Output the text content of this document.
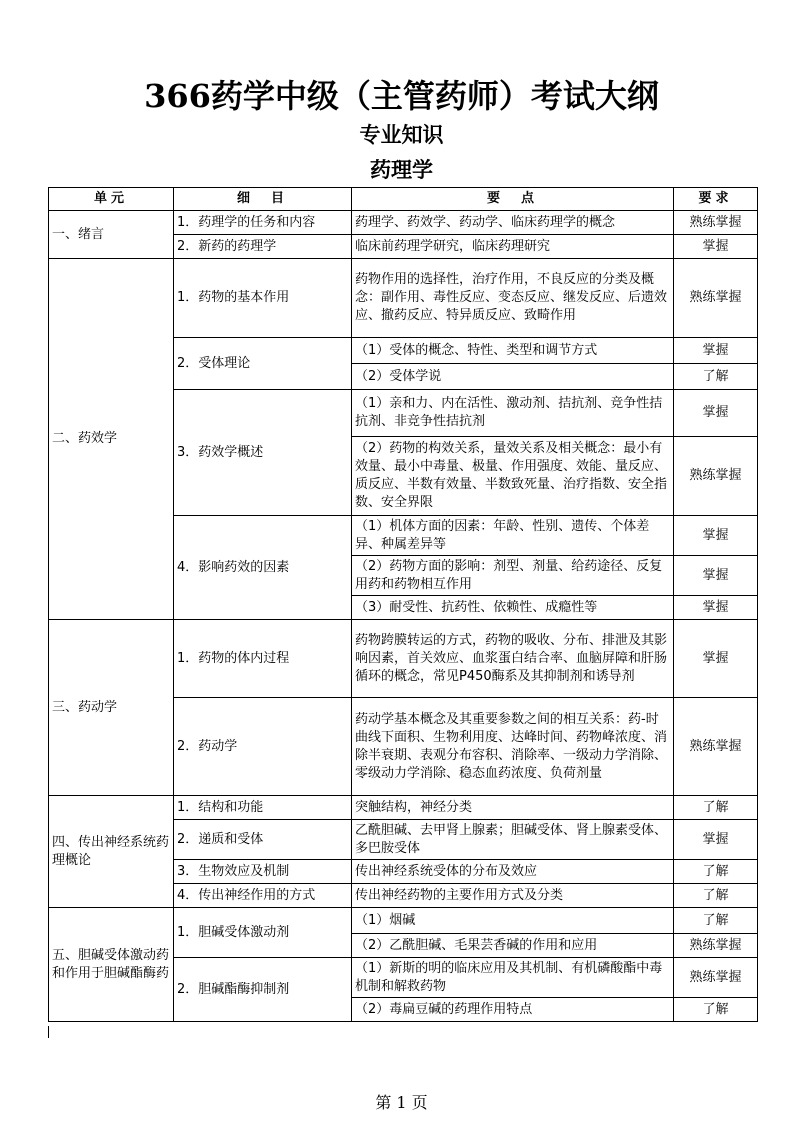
366药学中级（主管药师）考试大纲
专业知识
药理学
单元	细　目	要　点	要求
一、绪言	1．药理学的任务和内容	药理学、药效学、药动学、临床药理学的概念	熟练掌握
	2．新药的药理学	临床前药理学研究，临床药理研究	掌握
二、药效学	1．药物的基本作用	药物作用的选择性，治疗作用，不良反应的分类及概念：副作用、毒性反应、变态反应、继发反应、后遗效应、撤药反应、特异质反应、致畸作用	熟练掌握
	2．受体理论	（1）受体的概念、特性、类型和调节方式	掌握
		（2）受体学说	了解
	3．药效学概述	（1）亲和力、内在活性、激动剂、拮抗剂、竞争性拮抗剂、非竞争性拮抗剂	掌握
		（2）药物的构效关系，量效关系及相关概念：最小有效量、最小中毒量、极量、作用强度、效能、量反应、质反应、半数有效量、半数致死量、治疗指数、安全指数、安全界限	熟练掌握
	4．影响药效的因素	（1）机体方面的因素：年龄、性别、遗传、个体差异、种属差异等	掌握
		（2）药物方面的影响：剂型、剂量、给药途径、反复用药和药物相互作用	掌握
		（3）耐受性、抗药性、依赖性、成瘾性等	掌握
三、药动学	1．药物的体内过程	药物跨膜转运的方式，药物的吸收、分布、排泄及其影响因素，首关效应、血浆蛋白结合率、血脑屏障和肝肠循环的概念，常见P450酶系及其抑制剂和诱导剂	掌握
	2．药动学	药动学基本概念及其重要参数之间的相互关系：药-时曲线下面积、生物利用度、达峰时间、药物峰浓度、消除半衰期、表观分布容积、消除率、一级动力学消除、零级动力学消除、稳态血药浓度、负荷剂量	熟练掌握
四、传出神经系统药理概论	1．结构和功能	突触结构，神经分类	了解
	2．递质和受体	乙酰胆碱、去甲肾上腺素；胆碱受体、肾上腺素受体、多巴胺受体	掌握
	3．生物效应及机制	传出神经系统受体的分布及效应	了解
	4．传出神经作用的方式	传出神经药物的主要作用方式及分类	了解
五、胆碱受体激动药和作用于胆碱酯酶药	1．胆碱受体激动剂	（1）烟碱	了解
		（2）乙酰胆碱、毛果芸香碱的作用和应用	熟练掌握
	2．胆碱酯酶抑制剂	（1）新斯的明的临床应用及其机制、有机磷酸酯中毒机制和解救药物	熟练掌握
		（2）毒扁豆碱的药理作用特点	了解
第 1 页
